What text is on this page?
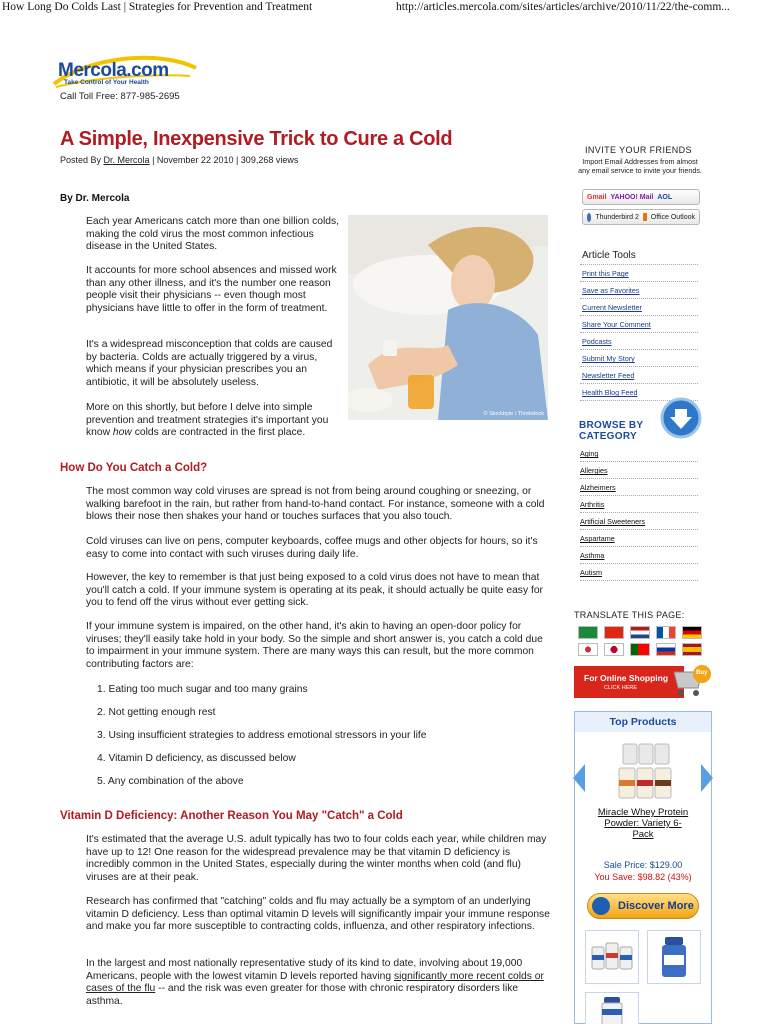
How Long Do Colds Last | Strategies for Prevention and Treatment	http://articles.mercola.com/sites/articles/archive/2010/11/22/the-comm...
Mercola.com
Take Control of Your Health
Call Toll Free: 877-985-2695
A Simple, Inexpensive Trick to Cure a Cold
Posted By Dr. Mercola | November 22 2010 | 309,268 views
By Dr. Mercola
Each year Americans catch more than one billion colds, making the cold virus the most common infectious disease in the United States.
It accounts for more school absences and missed work than any other illness, and it's the number one reason people visit their physicians -- even though most physicians have little to offer in the form of treatment.
It's a widespread misconception that colds are caused by bacteria. Colds are actually triggered by a virus, which means if your physician prescribes you an antibiotic, it will be absolutely useless.
More on this shortly, but before I delve into simple prevention and treatment strategies it's important you know how colds are contracted in the first place.
© Stockbyte / Thinkstock
How Do You Catch a Cold?
The most common way cold viruses are spread is not from being around coughing or sneezing, or walking barefoot in the rain, but rather from hand-to-hand contact. For instance, someone with a cold blows their nose then shakes your hand or touches surfaces that you also touch.
Cold viruses can live on pens, computer keyboards, coffee mugs and other objects for hours, so it's easy to come into contact with such viruses during daily life.
However, the key to remember is that just being exposed to a cold virus does not have to mean that you'll catch a cold. If your immune system is operating at its peak, it should actually be quite easy for you to fend off the virus without ever getting sick.
If your immune system is impaired, on the other hand, it's akin to having an open-door policy for viruses; they'll easily take hold in your body. So the simple and short answer is, you catch a cold due to impairment in your immune system. There are many ways this can result, but the more common contributing factors are:
1. Eating too much sugar and too many grains
2. Not getting enough rest
3. Using insufficient strategies to address emotional stressors in your life
4. Vitamin D deficiency, as discussed below
5. Any combination of the above
Vitamin D Deficiency: Another Reason You May "Catch" a Cold
It's estimated that the average U.S. adult typically has two to four colds each year, while children may have up to 12! One reason for the widespread prevalence may be that vitamin D deficiency is incredibly common in the United States, especially during the winter months when cold (and flu) viruses are at their peak.
Research has confirmed that "catching" colds and flu may actually be a symptom of an underlying vitamin D deficiency. Less than optimal vitamin D levels will significantly impair your immune response and make you far more susceptible to contracting colds, influenza, and other respiratory infections.
In the largest and most nationally representative study of its kind to date, involving about 19,000 Americans, people with the lowest vitamin D levels reported having significantly more recent colds or cases of the flu -- and the risk was even greater for those with chronic respiratory disorders like asthma.
INVITE YOUR FRIENDS
Import Email Addresses from almost any email service to invite your friends.
Gmail YAHOO! Mail AOL
Thunderbird 2 Office Outlook
Article Tools
Print this Page
Save as Favorites
Current Newsletter
Share Your Comment
Podcasts
Submit My Story
Newsletter Feed
Health Blog Feed
BROWSE BY
CATEGORY
Aging
Allergies
Alzheimers
Arthritis
Artificial Sweeteners
Aspartame
Asthma
Autism
TRANSLATE THIS PAGE:
For Online Shopping
CLICK HERE
Buy
Top Products
Miracle Whey Protein Powder: Variety 6-Pack
Sale Price: $129.00
You Save: $98.82 (43%)
Discover More
